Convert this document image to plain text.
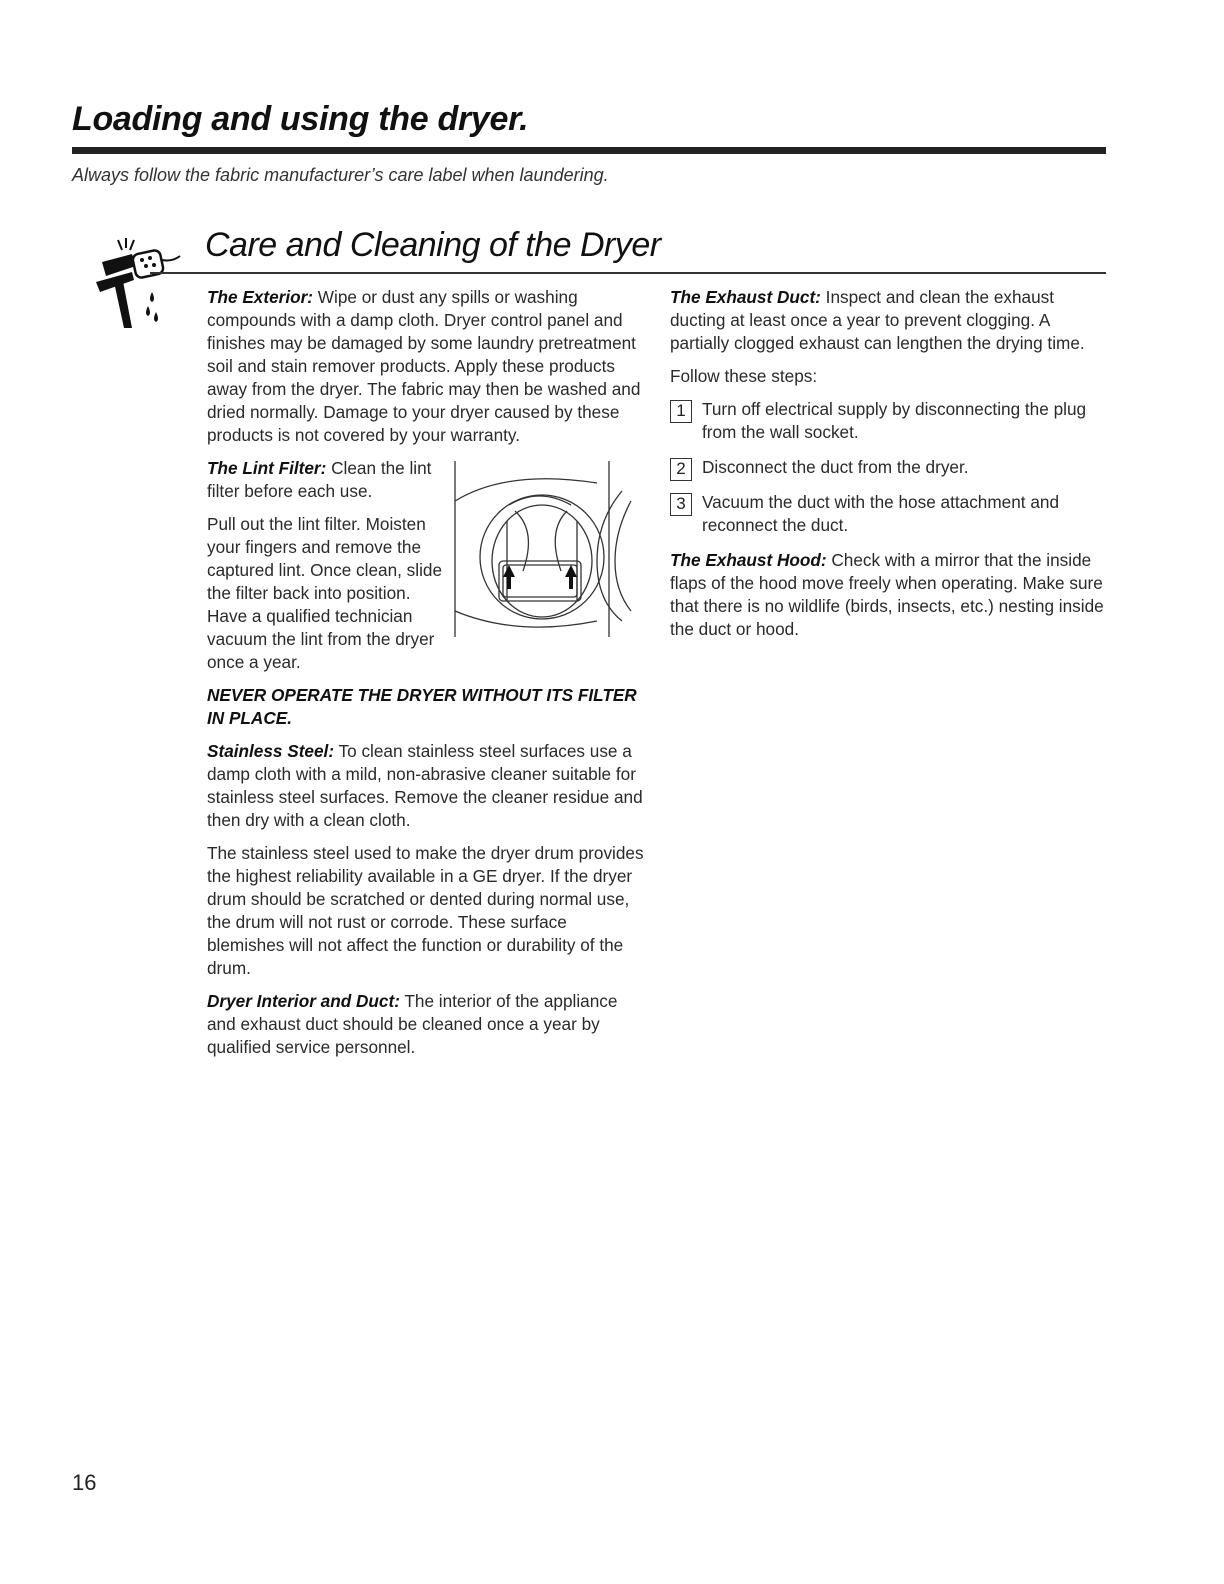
Loading and using the dryer.
Always follow the fabric manufacturer’s care label when laundering.
Care and Cleaning of the Dryer

The Exterior: Wipe or dust any spills or washing compounds with a damp cloth. Dryer control panel and finishes may be damaged by some laundry pretreatment soil and stain remover products. Apply these products away from the dryer. The fabric may then be washed and dried normally. Damage to your dryer caused by these products is not covered by your warranty.

The Lint Filter: Clean the lint filter before each use.

Pull out the lint filter. Moisten your fingers and remove the captured lint. Once clean, slide the filter back into position. Have a qualified technician vacuum the lint from the dryer once a year.

NEVER OPERATE THE DRYER WITHOUT ITS FILTER IN PLACE.

Stainless Steel: To clean stainless steel surfaces use a damp cloth with a mild, non-abrasive cleaner suitable for stainless steel surfaces. Remove the cleaner residue and then dry with a clean cloth.

The stainless steel used to make the dryer drum provides the highest reliability available in a GE dryer. If the dryer drum should be scratched or dented during normal use, the drum will not rust or corrode. These surface blemishes will not affect the function or durability of the drum.

Dryer Interior and Duct: The interior of the appliance and exhaust duct should be cleaned once a year by qualified service personnel.

The Exhaust Duct: Inspect and clean the exhaust ducting at least once a year to prevent clogging. A partially clogged exhaust can lengthen the drying time.

Follow these steps:

1 Turn off electrical supply by disconnecting the plug from the wall socket.
2 Disconnect the duct from the dryer.
3 Vacuum the duct with the hose attachment and reconnect the duct.

The Exhaust Hood: Check with a mirror that the inside flaps of the hood move freely when operating. Make sure that there is no wildlife (birds, insects, etc.) nesting inside the duct or hood.

16
